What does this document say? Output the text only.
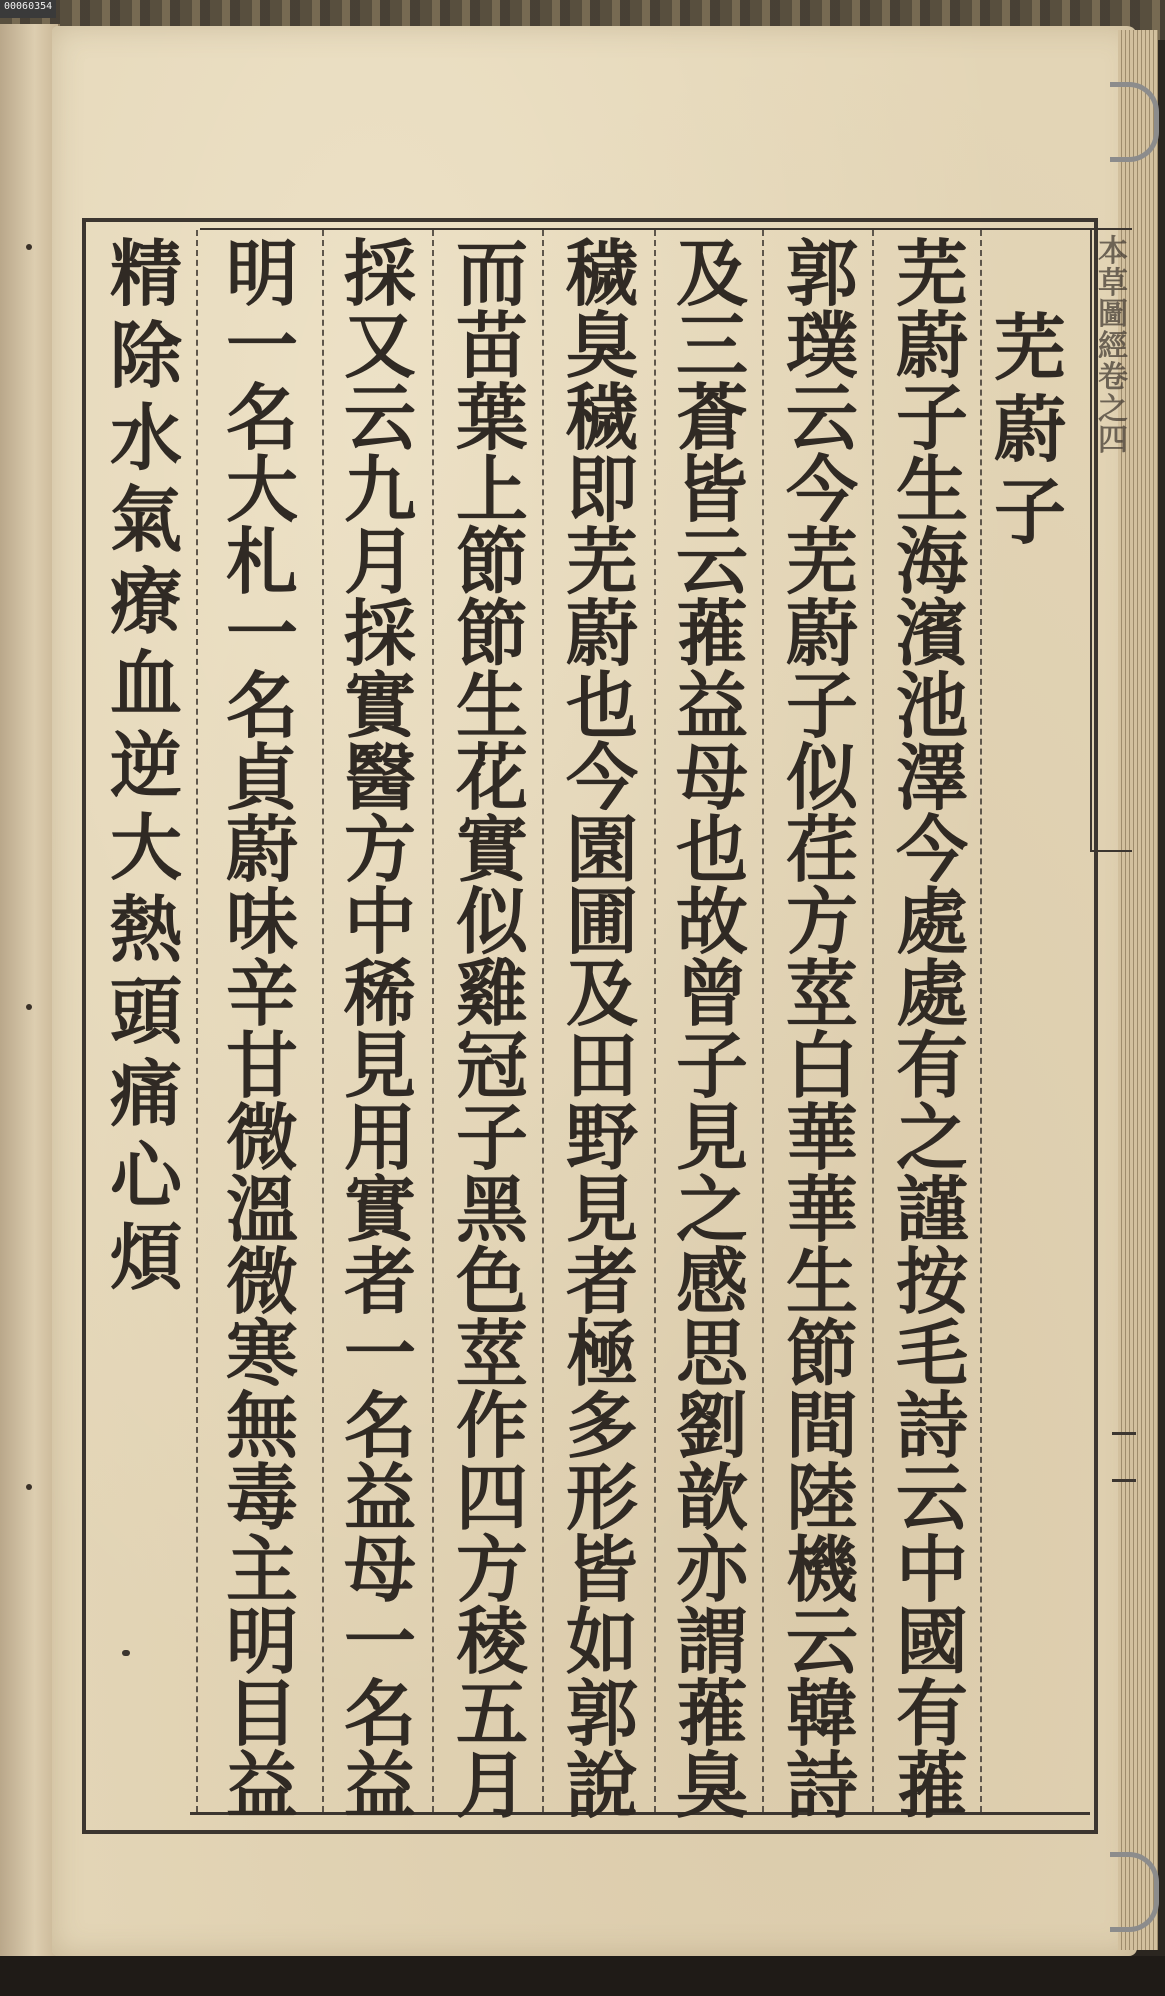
00060354
本
草
圖
經
卷
之
四
芜
蔚
子
芜
蔚
子
生
海
濱
池
澤
今
處
處
有
之
謹
按
毛
詩
云
中
國
有
蓷
郭
璞
云
今
芜
蔚
子
似
荏
方
莖
白
華
華
生
節
間
陸
機
云
韓
詩
及
三
蒼
皆
云
蓷
益
母
也
故
曾
子
見
之
感
思
劉
歆
亦
謂
蓷
臭
穢
臭
穢
即
芜
蔚
也
今
園
圃
及
田
野
見
者
極
多
形
皆
如
郭
說
而
苗
葉
上
節
節
生
花
實
似
雞
冠
子
黑
色
莖
作
四
方
稜
五
月
採
又
云
九
月
採
實
醫
方
中
稀
見
用
實
者
一
名
益
母
一
名
益
明
一
名
大
札
一
名
貞
蔚
味
辛
甘
微
溫
微
寒
無
毒
主
明
目
益
精
除
水
氣
療
血
逆
大
熱
頭
痛
心
煩
